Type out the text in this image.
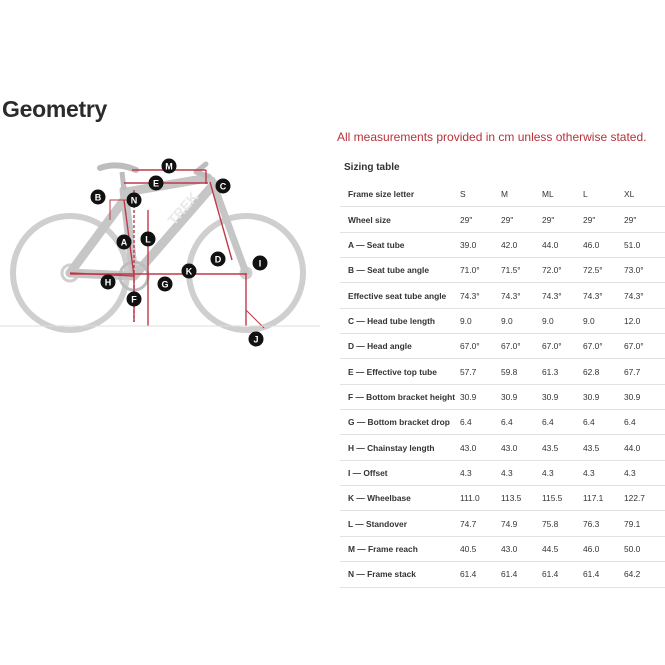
Geometry
All measurements provided in cm unless otherwise stated.
Sizing table
TREK
M
E	C
B	N
A L
D	I
H
K
G
F
J
Frame size letter	S	M	ML	L	XL
Wheel size	29"	29"	29"	29"	29"
A — Seat tube	39.0	42.0	44.0	46.0	51.0
B — Seat tube angle	71.0°	71.5°	72.0°	72.5°	73.0°
Effective seat tube angle	74.3°	74.3°	74.3°	74.3°	74.3°
C — Head tube length	9.0	9.0	9.0	9.0	12.0
D — Head angle	67.0°	67.0°	67.0°	67.0°	67.0°
E — Effective top tube	57.7	59.8	61.3	62.8	67.7
F — Bottom bracket height	30.9	30.9	30.9	30.9	30.9
G — Bottom bracket drop	6.4	6.4	6.4	6.4	6.4
H — Chainstay length	43.0	43.0	43.5	43.5	44.0
I — Offset	4.3	4.3	4.3	4.3	4.3
K — Wheelbase	111.0	113.5	115.5	117.1	122.7
L — Standover	74.7	74.9	75.8	76.3	79.1
M — Frame reach	40.5	43.0	44.5	46.0	50.0
N — Frame stack	61.4	61.4	61.4	61.4	64.2
